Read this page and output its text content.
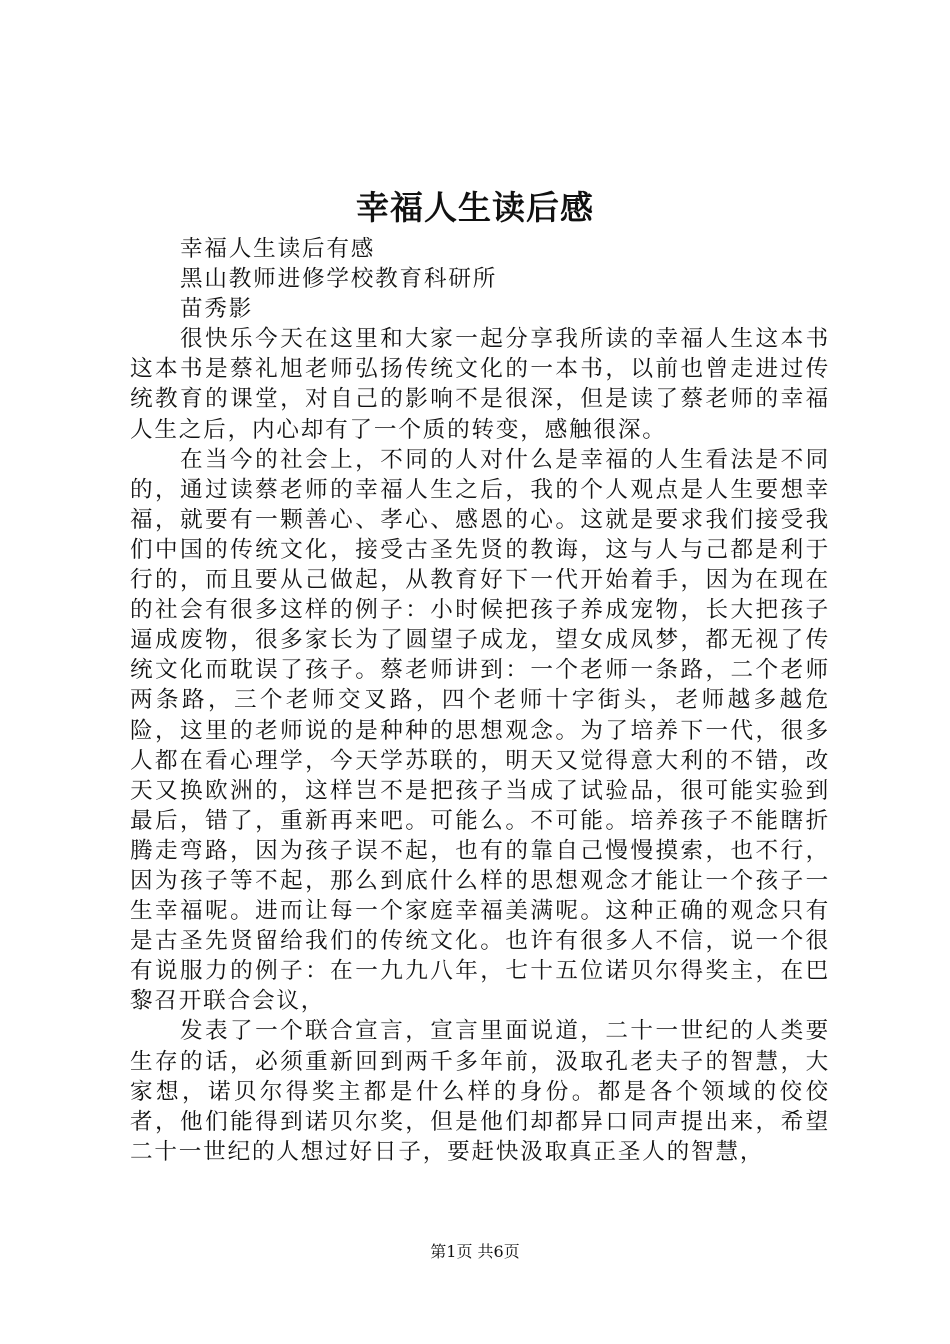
幸福人生读后感

幸福人生读后有感

黑山教师进修学校教育科研所

苗秀影

很快乐今天在这里和大家一起分享我所读的幸福人生这本书这本书是蔡礼旭老师弘扬传统文化的一本书，以前也曾走进过传统教育的课堂，对自己的影响不是很深，但是读了蔡老师的幸福人生之后，内心却有了一个质的转变，感触很深。

在当今的社会上，不同的人对什么是幸福的人生看法是不同的，通过读蔡老师的幸福人生之后，我的个人观点是人生要想幸福，就要有一颗善心、孝心、感恩的心。这就是要求我们接受我们中国的传统文化，接受古圣先贤的教诲，这与人与己都是利于行的，而且要从己做起，从教育好下一代开始着手，因为在现在的社会有很多这样的例子：小时候把孩子养成宠物，长大把孩子逼成废物，很多家长为了圆望子成龙，望女成凤梦，都无视了传统文化而耽误了孩子。蔡老师讲到：一个老师一条路，二个老师两条路，三个老师交叉路，四个老师十字街头，老师越多越危险，这里的老师说的是种种的思想观念。为了培养下一代，很多人都在看心理学，今天学苏联的，明天又觉得意大利的不错，改天又换欧洲的，这样岂不是把孩子当成了试验品，很可能实验到最后，错了，重新再来吧。可能么。不可能。培养孩子不能瞎折腾走弯路，因为孩子误不起，也有的靠自己慢慢摸索，也不行，因为孩子等不起，那么到底什么样的思想观念才能让一个孩子一生幸福呢。进而让每一个家庭幸福美满呢。这种正确的观念只有是古圣先贤留给我们的传统文化。也许有很多人不信，说一个很有说服力的例子：在一九九八年，七十五位诺贝尔得奖主，在巴黎召开联合会议，

发表了一个联合宣言，宣言里面说道，二十一世纪的人类要生存的话，必须重新回到两千多年前，汲取孔老夫子的智慧，大家想，诺贝尔得奖主都是什么样的身份。都是各个领域的佼佼者，他们能得到诺贝尔奖，但是他们却都异口同声提出来，希望二十一世纪的人想过好日子，要赶快汲取真正圣人的智慧，

第1页 共6页
